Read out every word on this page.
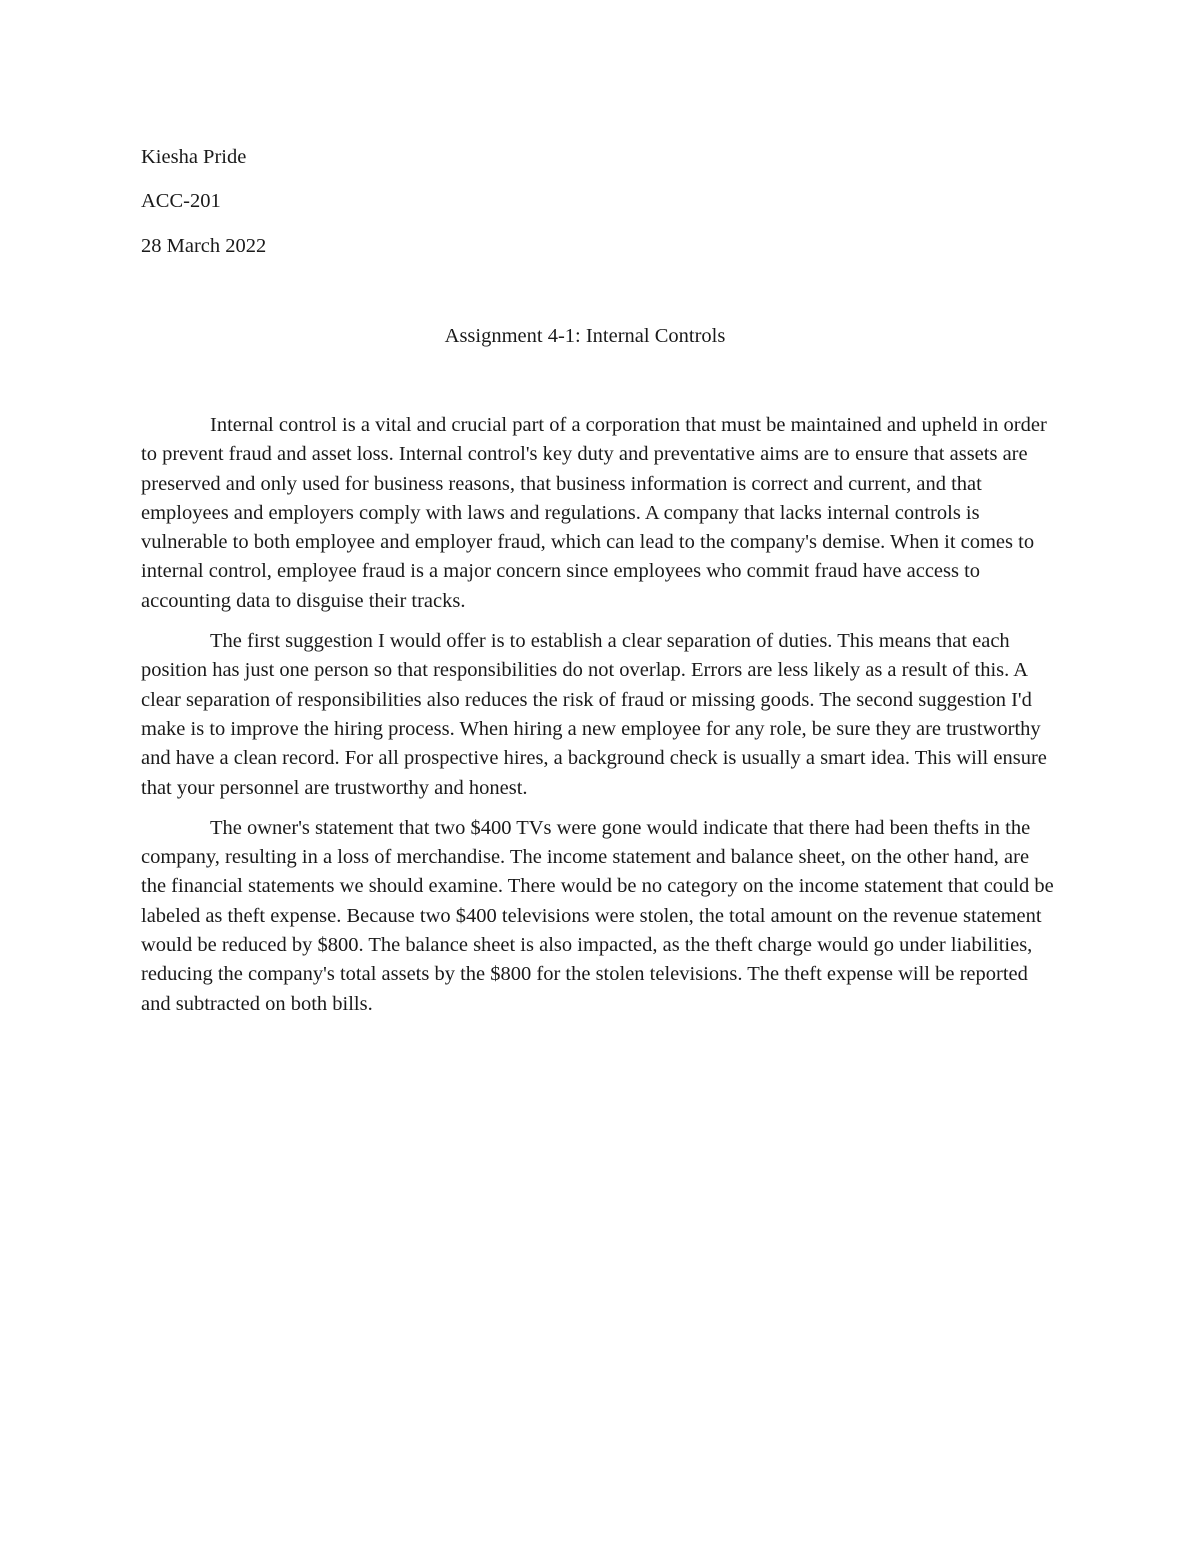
Kiesha Pride

ACC-201

28 March 2022

Assignment 4-1: Internal Controls

Internal control is a vital and crucial part of a corporation that must be maintained and upheld in order to prevent fraud and asset loss. Internal control's key duty and preventative aims are to ensure that assets are preserved and only used for business reasons, that business information is correct and current, and that employees and employers comply with laws and regulations. A company that lacks internal controls is vulnerable to both employee and employer fraud, which can lead to the company's demise. When it comes to internal control, employee fraud is a major concern since employees who commit fraud have access to accounting data to disguise their tracks.

The first suggestion I would offer is to establish a clear separation of duties. This means that each position has just one person so that responsibilities do not overlap. Errors are less likely as a result of this. A clear separation of responsibilities also reduces the risk of fraud or missing goods. The second suggestion I'd make is to improve the hiring process. When hiring a new employee for any role, be sure they are trustworthy and have a clean record. For all prospective hires, a background check is usually a smart idea. This will ensure that your personnel are trustworthy and honest.

The owner's statement that two $400 TVs were gone would indicate that there had been thefts in the company, resulting in a loss of merchandise. The income statement and balance sheet, on the other hand, are the financial statements we should examine. There would be no category on the income statement that could be labeled as theft expense. Because two $400 televisions were stolen, the total amount on the revenue statement would be reduced by $800. The balance sheet is also impacted, as the theft charge would go under liabilities, reducing the company's total assets by the $800 for the stolen televisions. The theft expense will be reported and subtracted on both bills.
